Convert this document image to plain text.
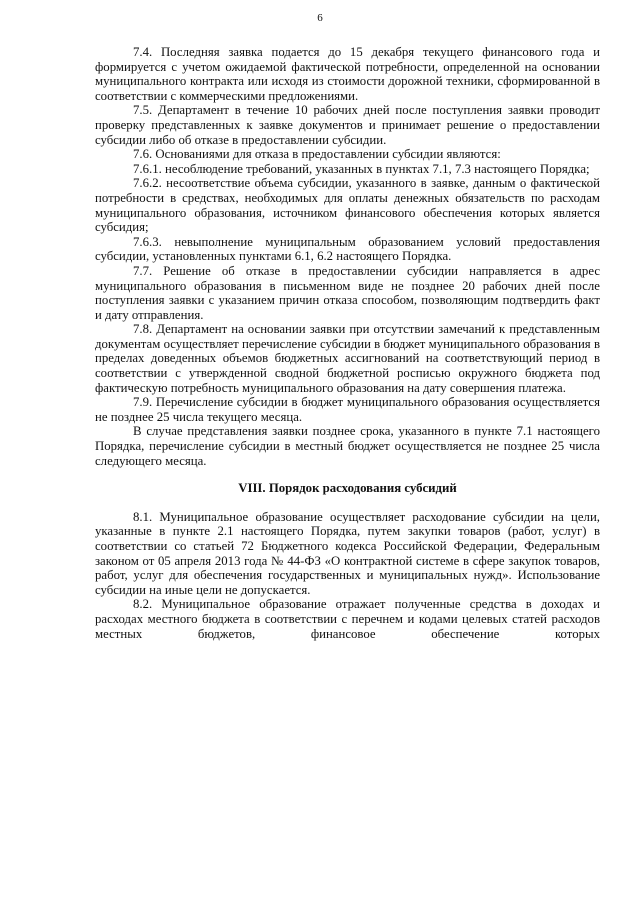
6

7.4. Последняя заявка подается до 15 декабря текущего финансового года и формируется с учетом ожидаемой фактической потребности, определенной на основании муниципального контракта или исходя из стоимости дорожной техники, сформированной в соответствии с коммерческими предложениями.

7.5. Департамент в течение 10 рабочих дней после поступления заявки проводит проверку представленных к заявке документов и принимает решение о предоставлении субсидии либо об отказе в предоставлении субсидии.

7.6. Основаниями для отказа в предоставлении субсидии являются:

7.6.1. несоблюдение требований, указанных в пунктах 7.1, 7.3 настоящего Порядка;

7.6.2. несоответствие объема субсидии, указанного в заявке, данным о фактической потребности в средствах, необходимых для оплаты денежных обязательств по расходам муниципального образования, источником финансового обеспечения которых является субсидия;

7.6.3. невыполнение муниципальным образованием условий предоставления субсидии, установленных пунктами 6.1, 6.2 настоящего Порядка.

7.7. Решение об отказе в предоставлении субсидии направляется в адрес муниципального образования в письменном виде не позднее 20 рабочих дней после поступления заявки с указанием причин отказа способом, позволяющим подтвердить факт и дату отправления.

7.8. Департамент на основании заявки при отсутствии замечаний к представленным документам осуществляет перечисление субсидии в бюджет муниципального образования в пределах доведенных объемов бюджетных ассигнований на соответствующий период в соответствии с утвержденной сводной бюджетной росписью окружного бюджета под фактическую потребность муниципального образования на дату совершения платежа.

7.9. Перечисление субсидии в бюджет муниципального образования осуществляется не позднее 25 числа текущего месяца.

В случае представления заявки позднее срока, указанного в пункте 7.1 настоящего Порядка, перечисление субсидии в местный бюджет осуществляется не позднее 25 числа следующего месяца.

VIII. Порядок расходования субсидий

8.1. Муниципальное образование осуществляет расходование субсидии на цели, указанные в пункте 2.1 настоящего Порядка, путем закупки товаров (работ, услуг) в соответствии со статьей 72 Бюджетного кодекса Российской Федерации, Федеральным законом от 05 апреля 2013 года № 44-ФЗ «О контрактной системе в сфере закупок товаров, работ, услуг для обеспечения государственных и муниципальных нужд». Использование субсидии на иные цели не допускается.

8.2. Муниципальное образование отражает полученные средства в доходах и расходах местного бюджета в соответствии с перечнем и кодами целевых статей расходов местных бюджетов, финансовое обеспечение которых
